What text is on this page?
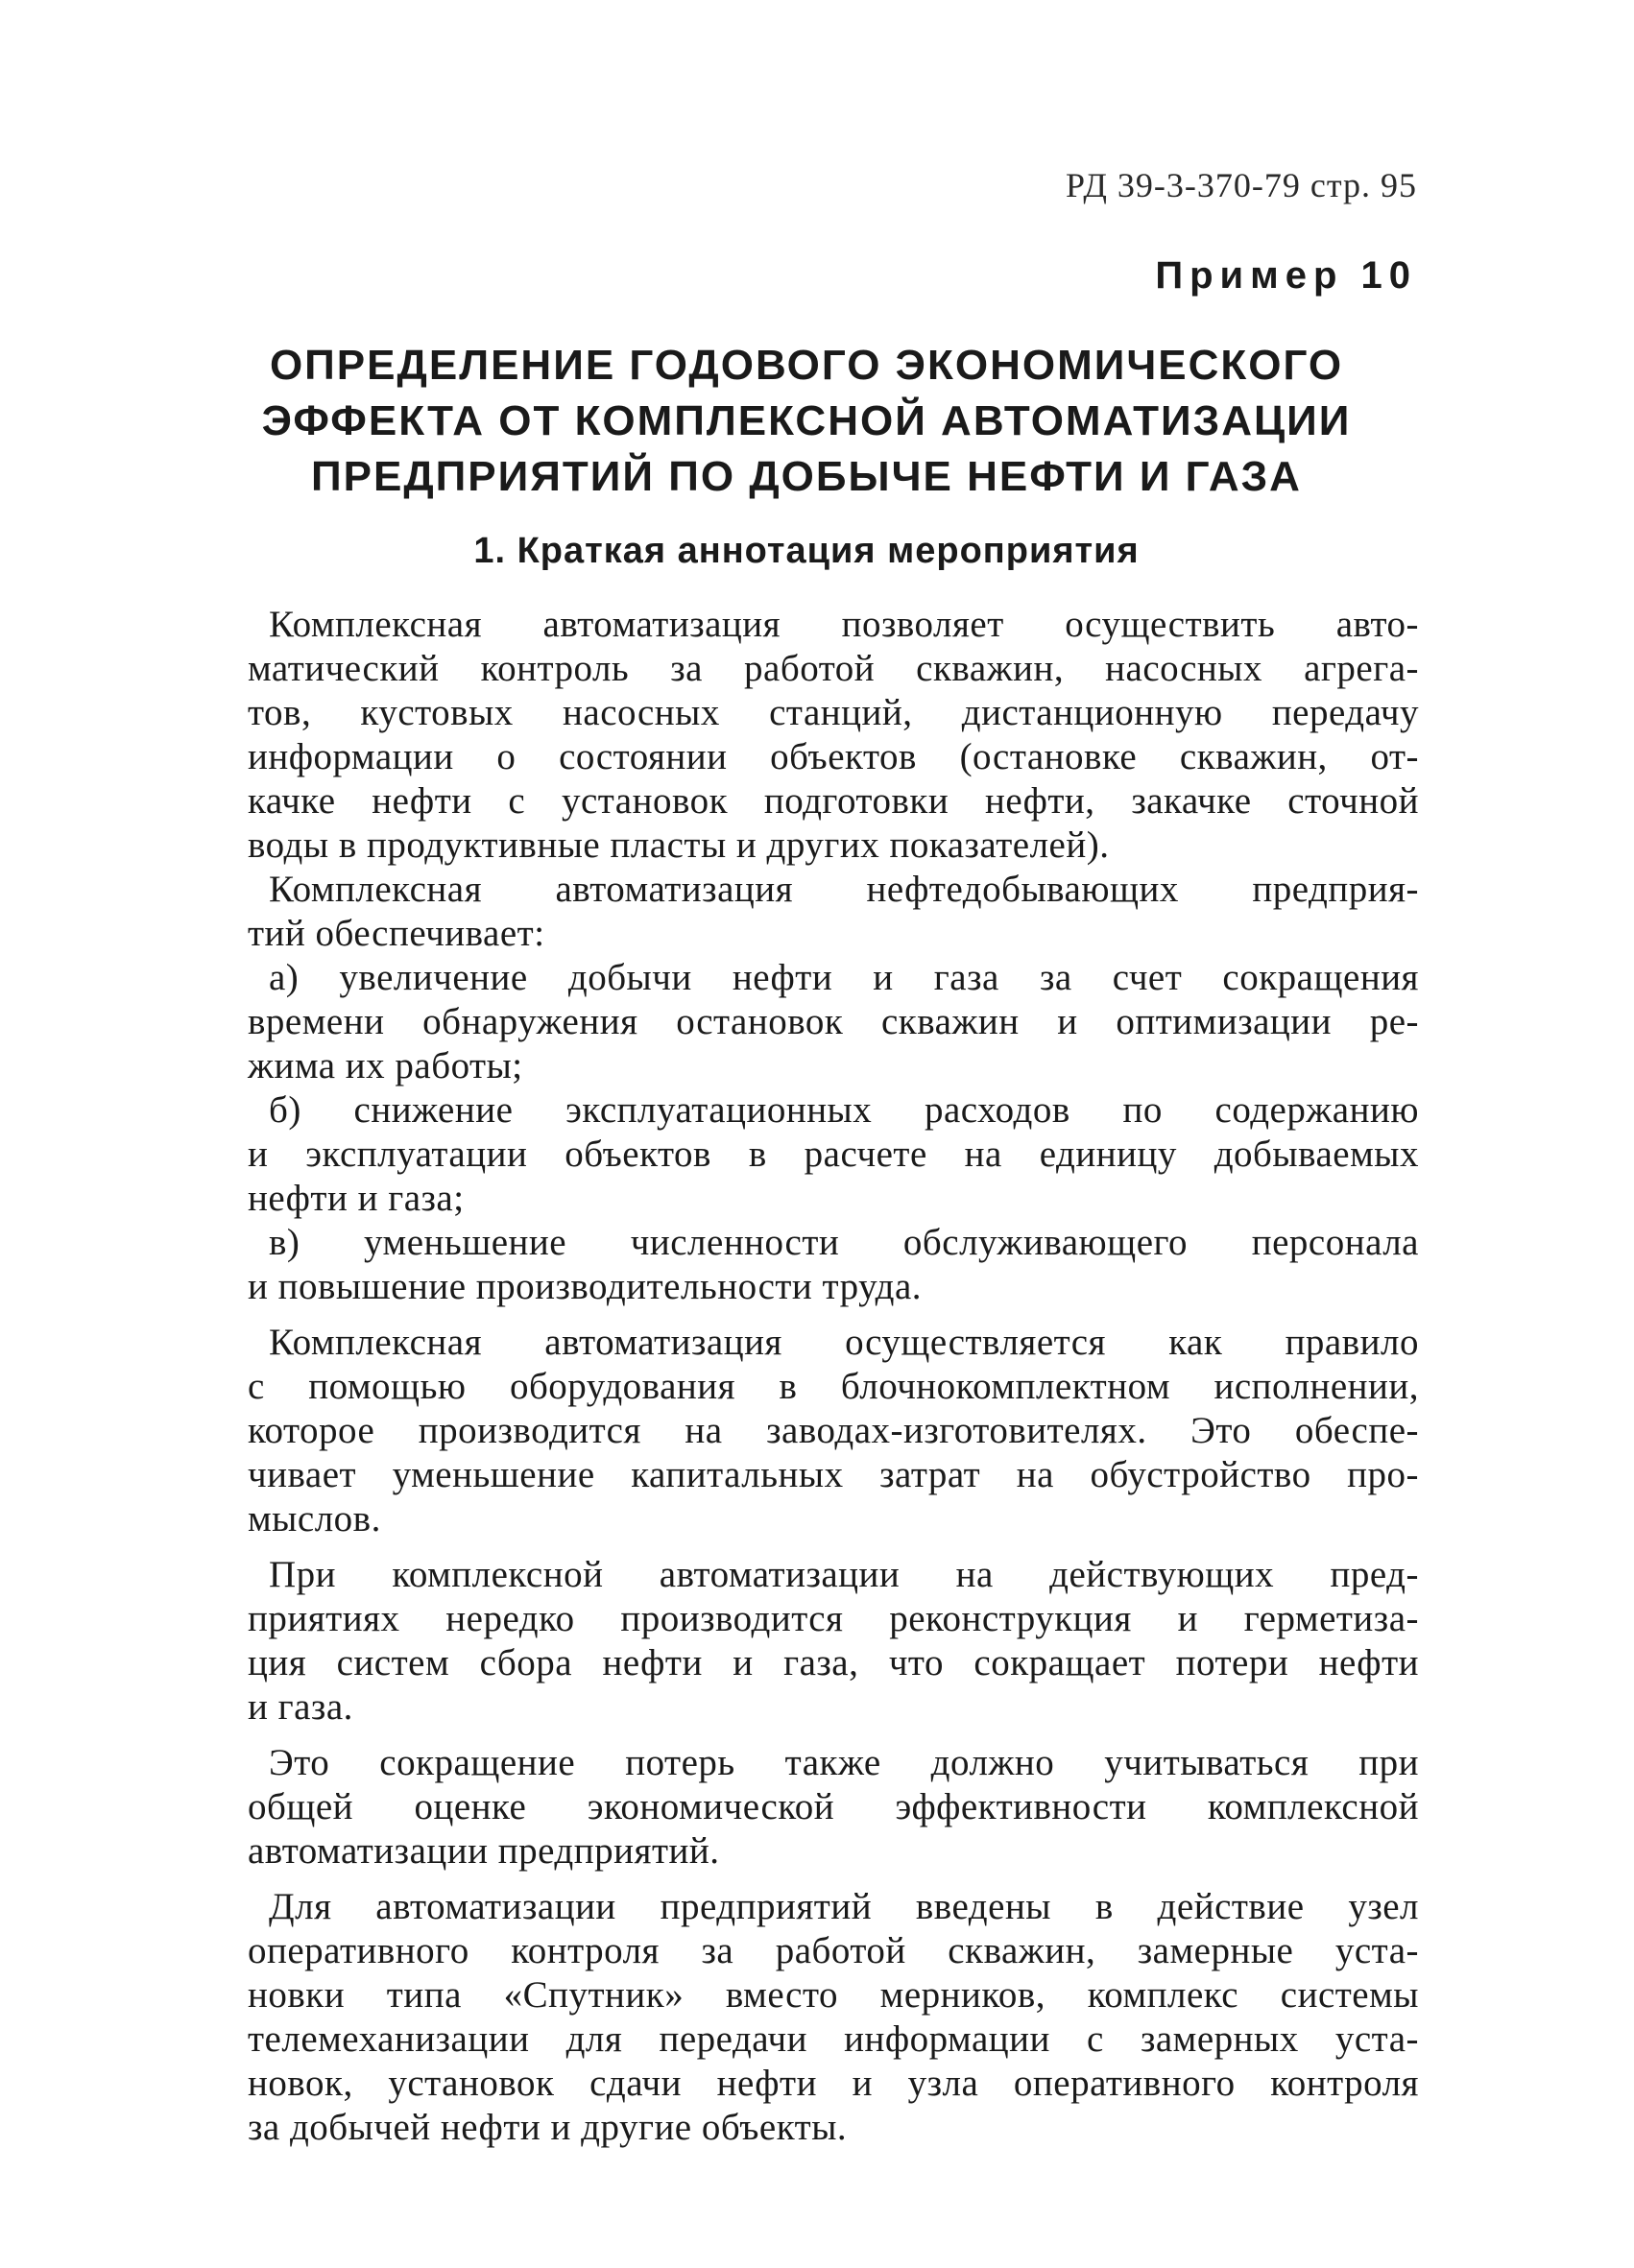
РД 39-3-370-79 стр. 95
Пример 10
ОПРЕДЕЛЕНИЕ ГОДОВОГО ЭКОНОМИЧЕСКОГО
ЭФФЕКТА ОТ КОМПЛЕКСНОЙ АВТОМАТИЗАЦИИ
ПРЕДПРИЯТИЙ ПО ДОБЫЧЕ НЕФТИ И ГАЗА
1. Краткая аннотация мероприятия
Комплексная автоматизация позволяет осуществить авто-
матический контроль за работой скважин, насосных агрега-
тов, кустовых насосных станций, дистанционную передачу
информации о состоянии объектов (остановке скважин, от-
качке нефти с установок подготовки нефти, закачке сточной
воды в продуктивные пласты и других показателей).
Комплексная автоматизация нефтедобывающих предприя-
тий обеспечивает:
а) увеличение добычи нефти и газа за счет сокращения
времени обнаружения остановок скважин и оптимизации ре-
жима их работы;
б) снижение эксплуатационных расходов по содержанию
и эксплуатации объектов в расчете на единицу добываемых
нефти и газа;
в) уменьшение численности обслуживающего персонала
и повышение производительности труда.
Комплексная автоматизация осуществляется как правило
с помощью оборудования в блочнокомплектном исполнении,
которое производится на заводах-изготовителях. Это обеспе-
чивает уменьшение капитальных затрат на обустройство про-
мыслов.
При комплексной автоматизации на действующих пред-
приятиях нередко производится реконструкция и герметиза-
ция систем сбора нефти и газа, что сокращает потери нефти
и газа.
Это сокращение потерь также должно учитываться при
общей оценке экономической эффективности комплексной
автоматизации предприятий.
Для автоматизации предприятий введены в действие узел
оперативного контроля за работой скважин, замерные уста-
новки типа «Спутник» вместо мерников, комплекс системы
телемеханизации для передачи информации с замерных уста-
новок, установок сдачи нефти и узла оперативного контроля
за добычей нефти и другие объекты.
